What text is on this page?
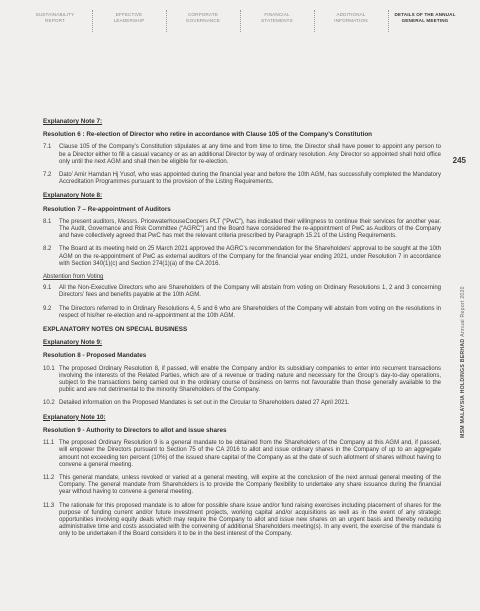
SUSTAINABILITY
REPORT
EFFECTIVE
LEADERSHIP
CORPORATE
GOVERNANCE
FINANCIAL
STATEMENTS
ADDITIONAL
INFORMATION
DETAILS OF THE ANNUAL
GENERAL MEETING
245
MSM MALAYSIA HOLDINGS BERHAD Annual Report 2020
Explanatory Note 7:
Resolution 6 : Re-election of Director who retire in accordance with Clause 105 of the Company’s Constitution
7.1	Clause 105 of the Company’s Constitution stipulates at any time and from time to time, the Director shall have power to appoint any person to be a Director either to fill a casual vacancy or as an additional Director by way of ordinary resolution. Any Director so appointed shall hold office only until the next AGM and shall then be eligible for re-election.
7.2	Dato’ Amir Hamdan Hj Yusof, who was appointed during the financial year and before the 10th AGM, has successfully completed the Mandatory Accreditation Programmes pursuant to the provision of the Listing Requirements.
Explanatory Note 8:
Resolution 7 – Re-appointment of Auditors
8.1	The present auditors, Messrs. PricewaterhouseCoopers PLT (“PwC”), has indicated their willingness to continue their services for another year. The Audit, Governance and Risk Committee (“AGRC”) and the Board have considered the re-appointment of PwC as Auditors of the Company and have collectively agreed that PwC has met the relevant criteria prescribed by Paragraph 15.21 of the Listing Requirements.
8.2	The Board at its meeting held on 25 March 2021 approved the AGRC’s recommendation for the Shareholders’ approval to be sought at the 10th AGM on the re-appointment of PwC as external auditors of the Company for the financial year ending 2021, under Resolution 7 in accordance with Section 340(1)(c) and Section 274(1)(a) of the CA 2016.
Abstention from Voting
9.1	All the Non-Executive Directors who are Shareholders of the Company will abstain from voting on Ordinary Resolutions 1, 2 and 3 concerning Directors’ fees and benefits payable at the 10th AGM.
9.2	The Directors referred to in Ordinary Resolutions 4, 5 and 6 who are Shareholders of the Company will abstain from voting on the resolutions in respect of his/her re-election and re-appointment at the 10th AGM.
EXPLANATORY NOTES ON SPECIAL BUSINESS
Explanatory Note 9:
Resolution 8 - Proposed Mandates
10.1 The proposed Ordinary Resolution 8, if passed, will enable the Company and/or its subsidiary companies to enter into recurrent transactions involving the interests of the Related Parties, which are of a revenue or trading nature and necessary for the Group’s day-to-day operations, subject to the transactions being carried out in the ordinary course of business on terms not favourable than those generally available to the public and are not detrimental to the minority Shareholders of the Company.
10.2 Detailed information on the Proposed Mandates is set out in the Circular to Shareholders dated 27 April 2021.
Explanatory Note 10:
Resolution 9 - Authority to Directors to allot and issue shares
11.1 The proposed Ordinary Resolution 9 is a general mandate to be obtained from the Shareholders of the Company at this AGM and, if passed, will empower the Directors pursuant to Section 75 of the CA 2016 to allot and issue ordinary shares in the Company of up to an aggregate amount not exceeding ten percent (10%) of the issued share capital of the Company as at the date of such allotment of shares without having to convene a general meeting.
11.2 This general mandate, unless revoked or varied at a general meeting, will expire at the conclusion of the next annual general meeting of the Company. The general mandate from Shareholders is to provide the Company flexibility to undertake any share issuance during the financial year without having to convene a general meeting.
11.3 The rationale for this proposed mandate is to allow for possible share issue and/or fund raising exercises including placement of shares for the purpose of funding current and/or future investment projects, working capital and/or acquisitions as well as in the event of any strategic opportunities involving equity deals which may require the Company to allot and issue new shares on an urgent basis and thereby reducing administrative time and costs associated with the convening of additional Shareholders meeting(s). In any event, the exercise of the mandate is only to be undertaken if the Board considers it to be in the best interest of the Company.
